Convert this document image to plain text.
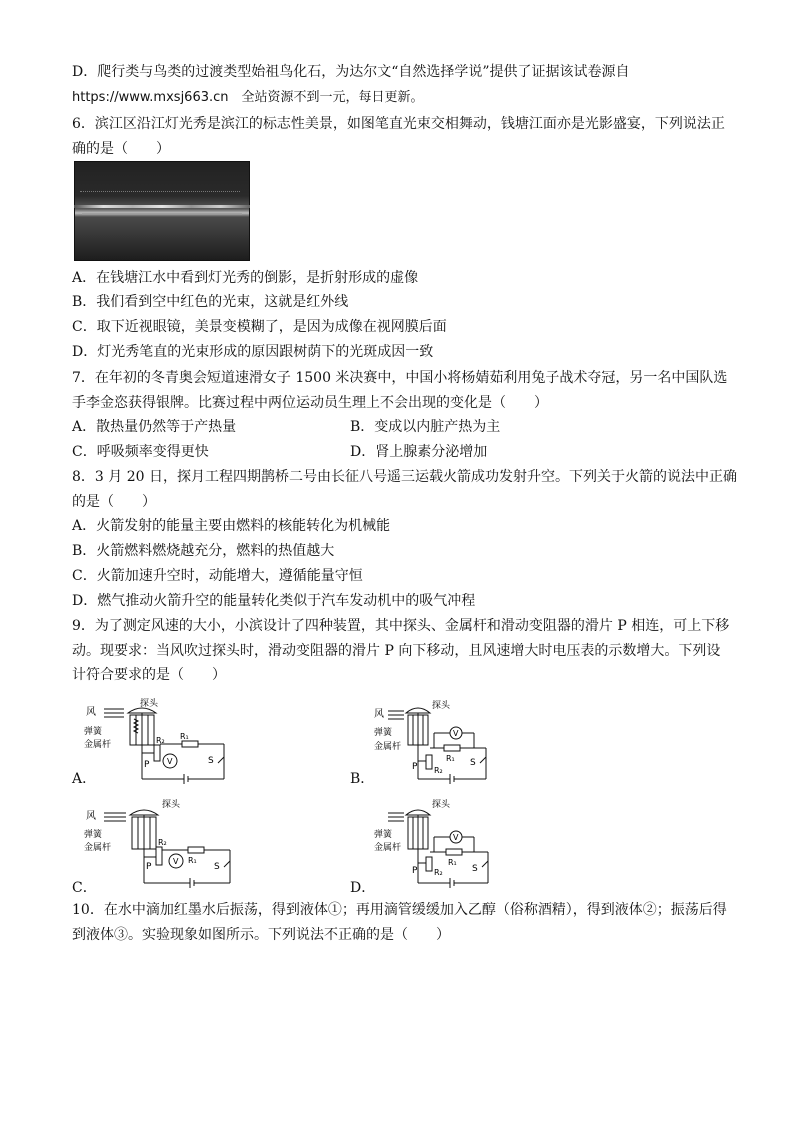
D．爬行类与鸟类的过渡类型始祖鸟化石，为达尔文“自然选择学说”提供了证据该试卷源自
https://www.mxsj663.cn　全站资源不到一元，每日更新。
6．滨江区沿江灯光秀是滨江的标志性美景，如图笔直光束交相舞动，钱塘江面亦是光影盛宴，下列说法正
确的是（　　）
A．在钱塘江水中看到灯光秀的倒影，是折射形成的虚像
B．我们看到空中红色的光束，这就是红外线
C．取下近视眼镜，美景变模糊了，是因为成像在视网膜后面
D．灯光秀笔直的光束形成的原因跟树荫下的光斑成因一致
7．在年初的冬青奥会短道速滑女子 1500 米决赛中，中国小将杨婧茹利用兔子战术夺冠，另一名中国队选
手李金恣获得银牌。比赛过程中两位运动员生理上不会出现的变化是（　　）
A．散热量仍然等于产热量	B．变成以内脏产热为主
C．呼吸频率变得更快	D．肾上腺素分泌增加
8．3 月 20 日，探月工程四期鹊桥二号由长征八号遥三运载火箭成功发射升空。下列关于火箭的说法中正确
的是（　　）
A．火箭发射的能量主要由燃料的核能转化为机械能
B．火箭燃料燃烧越充分，燃料的热值越大
C．火箭加速升空时，动能增大，遵循能量守恒
D．燃气推动火箭升空的能量转化类似于汽车发动机中的吸气冲程
9．为了测定风速的大小，小滨设计了四种装置，其中探头、金属杆和滑动变阻器的滑片 P 相连，可上下移
动。现要求：当风吹过探头时，滑动变阻器的滑片 P 向下移动，且风速增大时电压表的示数增大。下列设
计符合要求的是（　　）
A．	B．
C．	D．
风
探头
弹簧
金属杆
P
R₂ R₁
V	S
风
探头
弹簧
金属杆
P R₂
R₁
V
S
风
探头
弹簧
金属杆
P
R₂
R₁
V
S
探头
弹簧
金属杆
P R₂
R₁
V
S
10．在水中滴加红墨水后振荡，得到液体①；再用滴管缓缓加入乙醇（俗称酒精），得到液体②；振荡后得
到液体③。实验现象如图所示。下列说法不正确的是（　　）
